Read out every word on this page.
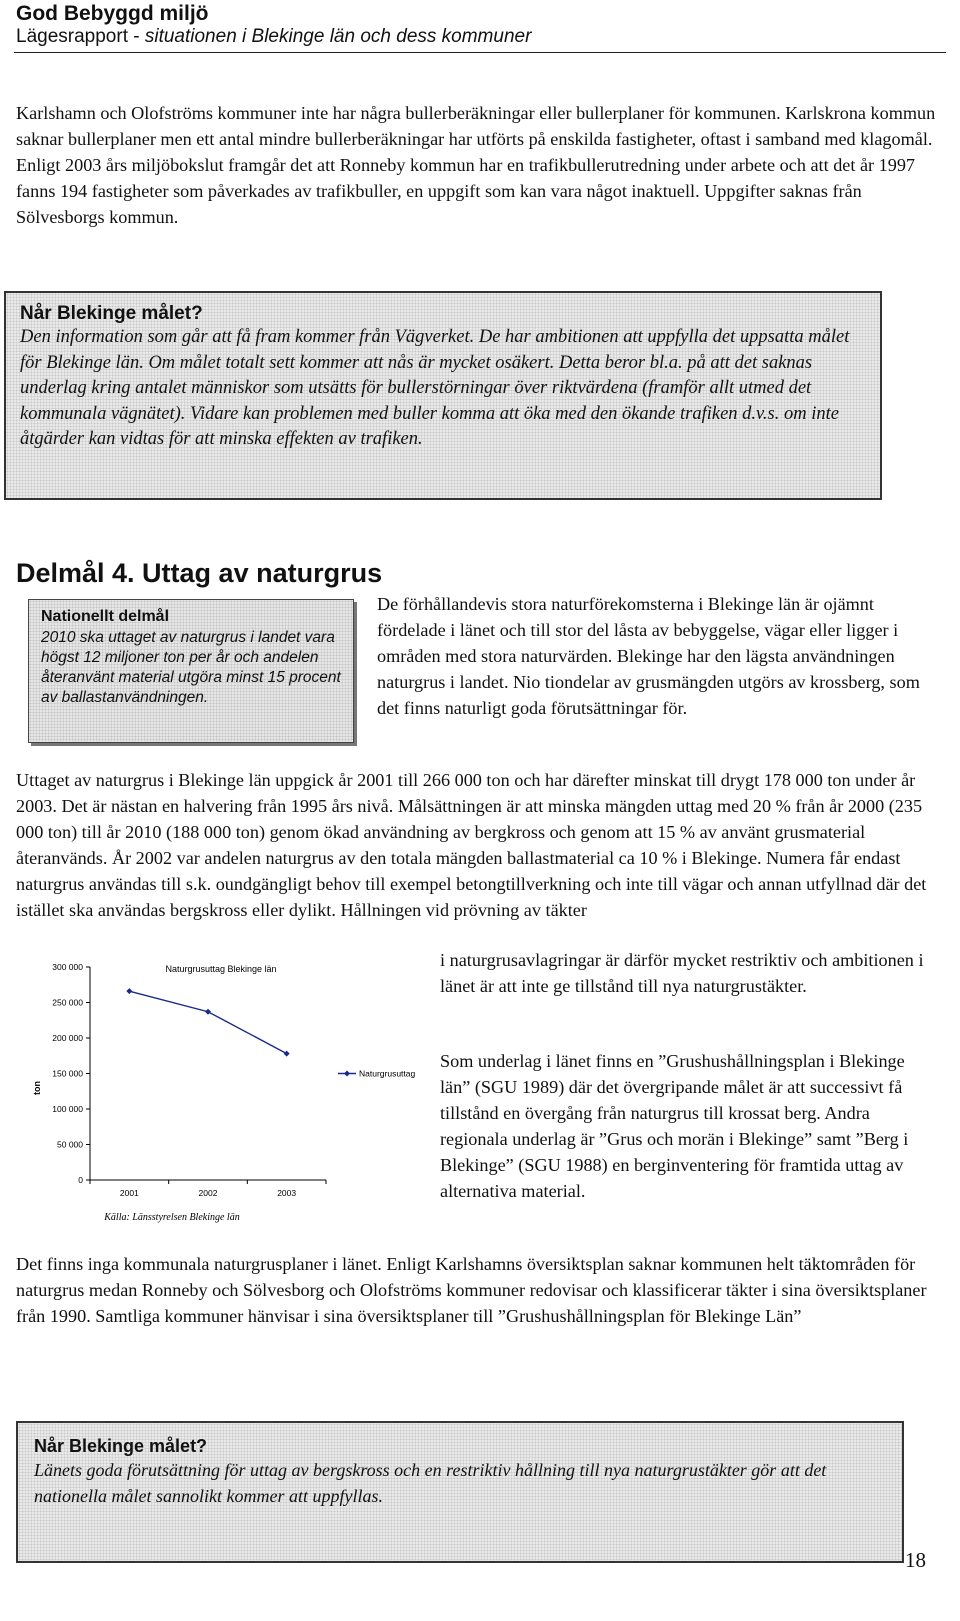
God Bebyggd miljö
Lägesrapport - situationen i Blekinge län och dess kommuner

Karlshamn och Olofströms kommuner inte har några bullerberäkningar eller bullerplaner för kommunen. Karlskrona kommun saknar bullerplaner men ett antal mindre bullerberäkningar har utförts på enskilda fastigheter, oftast i samband med klagomål. Enligt 2003 års miljöbokslut framgår det att Ronneby kommun har en trafikbullerutredning under arbete och att det år 1997 fanns 194 fastigheter som påverkades av trafikbuller, en uppgift som kan vara något inaktuell. Uppgifter saknas från Sölvesborgs kommun.

Når Blekinge målet?

Den information som går att få fram kommer från Vägverket. De har ambitionen att uppfylla det uppsatta målet för Blekinge län. Om målet totalt sett kommer att nås är mycket osäkert. Detta beror bl.a. på att det saknas underlag kring antalet människor som utsätts för bullerstörningar över riktvärdena (framför allt utmed det kommunala vägnätet). Vidare kan problemen med buller komma att öka med den ökande trafiken d.v.s. om inte åtgärder kan vidtas för att minska effekten av trafiken.

Delmål 4. Uttag av naturgrus

Nationellt delmål

2010 ska uttaget av naturgrus i landet vara högst 12 miljoner ton per år och andelen återanvänt material utgöra minst 15 procent av ballastanvändningen.

De förhållandevis stora naturförekomsterna i Blekinge län är ojämnt fördelade i länet och till stor del låsta av bebyggelse, vägar eller ligger i områden med stora naturvärden. Blekinge har den lägsta användningen naturgrus i landet. Nio tiondelar av grusmängden utgörs av krossberg, som det finns naturligt goda förutsättningar för.

Uttaget av naturgrus i Blekinge län uppgick år 2001 till 266 000 ton och har därefter minskat till drygt 178 000 ton under år 2003. Det är nästan en halvering från 1995 års nivå. Målsättningen är att minska mängden uttag med 20 % från år 2000 (235 000 ton) till år 2010 (188 000 ton) genom ökad användning av bergkross och genom att 15 % av använt grusmaterial återanvänds. År 2002 var andelen naturgrus av den totala mängden ballastmaterial ca 10 % i Blekinge. Numera får endast naturgrus användas till s.k. oundgängligt behov till exempel betongtillverkning och inte till vägar och annan utfyllnad där det istället ska användas bergskross eller dylikt. Hållningen vid prövning av täkter

i naturgrusavlagringar är därför mycket restriktiv och ambitionen i länet är att inte ge tillstånd till nya naturgrustäkter.

Som underlag i länet finns en ”Grushushållningsplan i Blekinge län” (SGU 1989) där det övergripande målet är att successivt få tillstånd en övergång från naturgrus till krossat berg. Andra regionala underlag är ”Grus och morän i Blekinge” samt ”Berg i Blekinge” (SGU 1988) en berginventering för framtida uttag av alternativa material.

Naturgrusuttag Blekinge län
ton
0
50 000
100 000
150 000
200 000
250 000
300 000
2001	2002	2003
Naturgrusuttag
Källa: Länsstyrelsen Blekinge län

Det finns inga kommunala naturgrusplaner i länet. Enligt Karlshamns översiktsplan saknar kommunen helt täktområden för naturgrus medan Ronneby och Sölvesborg och Olofströms kommuner redovisar och klassificerar täkter i sina översiktsplaner från 1990. Samtliga kommuner hänvisar i sina översiktsplaner till ”Grushushållningsplan för Blekinge Län”

Når Blekinge målet?

Länets goda förutsättning för uttag av bergskross och en restriktiv hållning till nya naturgrustäkter gör att det nationella målet sannolikt kommer att uppfyllas.

18
